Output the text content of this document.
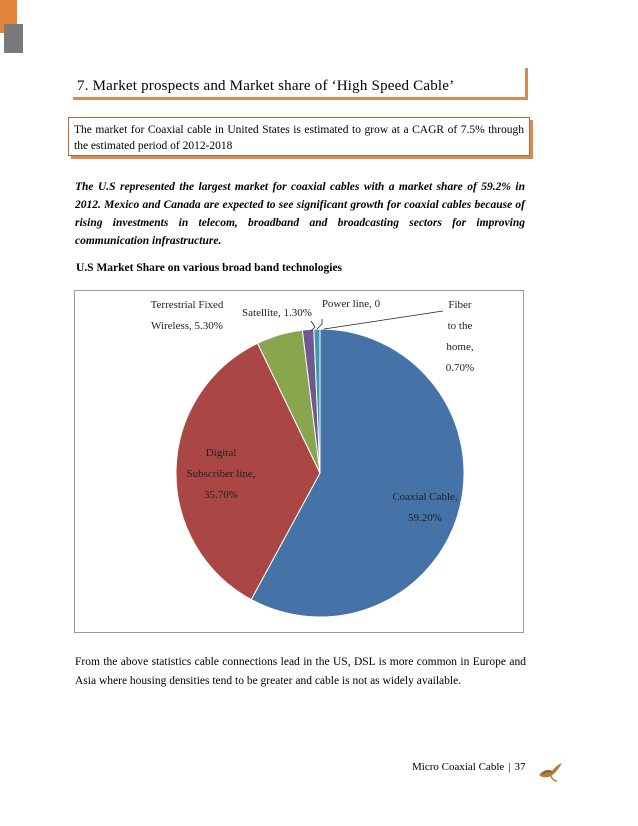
7. Market prospects and Market share of ‘High Speed Cable’

The market for Coaxial cable in United States is estimated to grow at a CAGR of 7.5% through the estimated period of 2012-2018

The U.S represented the largest market for coaxial cables with a market share of 59.2% in 2012. Mexico and Canada are expected to see significant growth for coaxial cables because of rising investments in telecom, broadband and broadcasting sectors for improving communication infrastructure.

U.S Market Share on various broad band technologies

Terrestrial Fixed
Wireless, 5.30%
Satellite, 1.30%
Power line, 0	Fiber
to the
home,
0.70%
Digital
Subscriber line,
35.70%	Coaxial Cable,
59.20%

From the above statistics cable connections lead in the US, DSL is more common in Europe and Asia where housing densities tend to be greater and cable is not as widely available.

Micro Coaxial Cable | 37
